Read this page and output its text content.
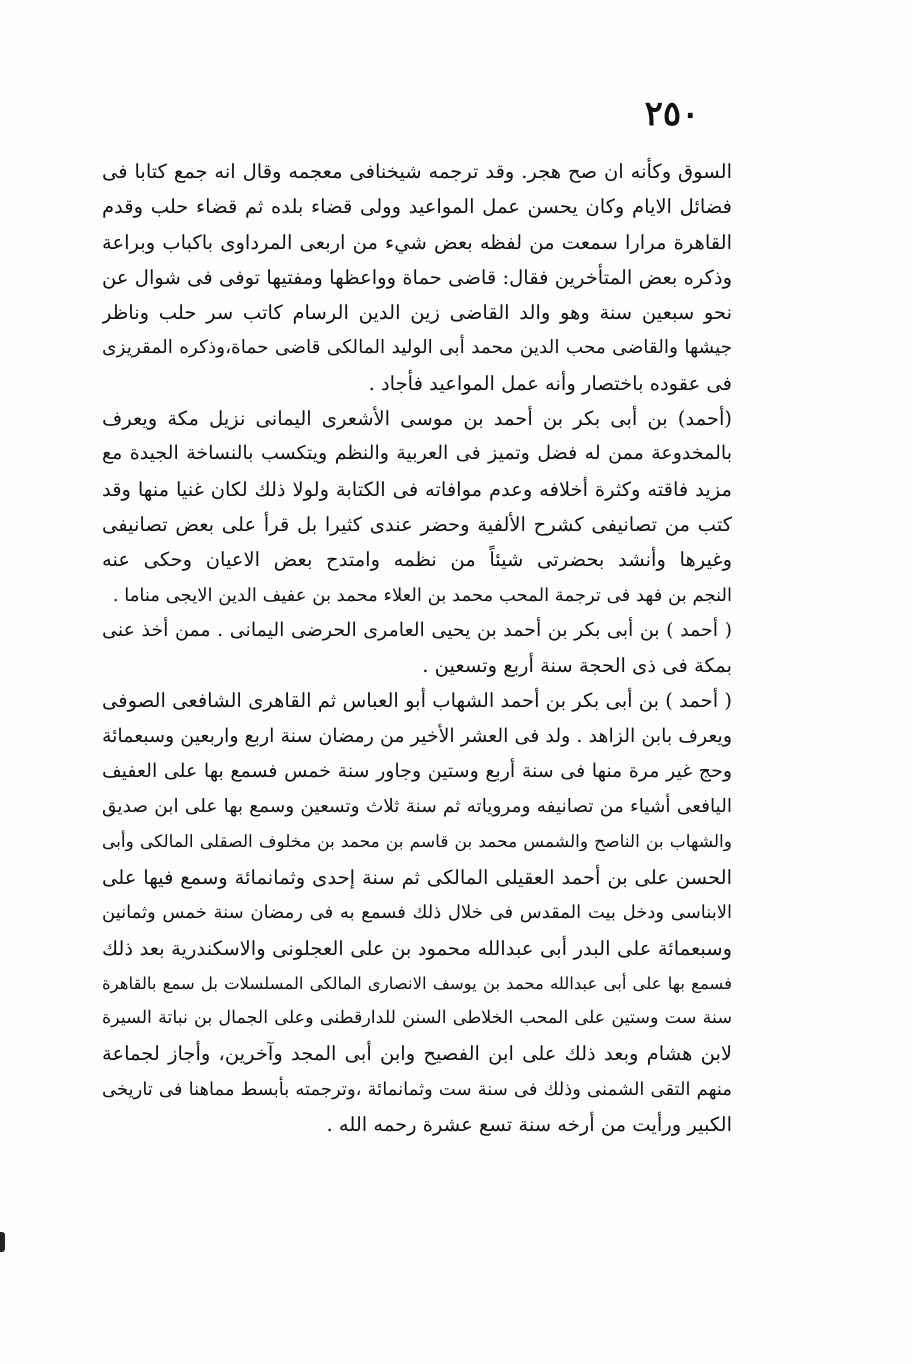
٢٥٠
السوق وكأنه ان صح هجر. وقد ترجمه شيخنافى معجمه وقال انه جمع كتابا فى
فضائل الايام وكان يحسن عمل المواعيد وولى قضاء بلده ثم قضاء حلب وقدم
القاهرة مرارا سمعت من لفظه بعض شيء من اربعى المرداوى باكباب وبراعة
وذكره بعض المتأخرين فقال: قاضى حماة وواعظها ومفتيها توفى فى شوال عن
نحو سبعين سنة وهو والد القاضى زين الدين الرسام كاتب سر حلب وناظر
جيشها والقاضى محب الدين محمد أبى الوليد المالكى قاضى حماة،وذكره المقريزى
فى عقوده باختصار وأنه عمل المواعيد فأجاد .
(أحمد) بن أبى بكر بن أحمد بن موسى الأشعرى اليمانى نزيل مكة ويعرف
بالمخدوعة ممن له فضل وتميز فى العربية والنظم ويتكسب بالنساخة الجيدة مع
مزيد فاقته وكثرة أخلافه وعدم موافاته فى الكتابة ولولا ذلك لكان غنيا منها وقد
كتب من تصانيفى كشرح الألفية وحضر عندى كثيرا بل قرأ على بعض تصانيفى
وغيرها وأنشد بحضرتى شيئاً من نظمه وامتدح بعض الاعيان وحكى عنه
النجم بن فهد فى ترجمة المحب محمد بن العلاء محمد بن عفيف الدين الايجى مناما .
( أحمد ) بن أبى بكر بن أحمد بن يحيى العامرى الحرضى اليمانى . ممن أخذ عنى
بمكة فى ذى الحجة سنة أربع وتسعين .
( أحمد ) بن أبى بكر بن أحمد الشهاب أبو العباس ثم القاهرى الشافعى الصوفى
ويعرف بابن الزاهد . ولد فى العشر الأخير من رمضان سنة اربع واربعين وسبعمائة
وحج غير مرة منها فى سنة أربع وستين وجاور سنة خمس فسمع بها على العفيف
اليافعى أشياء من تصانيفه ومروياته ثم سنة ثلاث وتسعين وسمع بها على ابن صديق
والشهاب بن الناصح والشمس محمد بن قاسم بن محمد بن مخلوف الصقلى المالكى وأبى
الحسن على بن أحمد العقيلى المالكى ثم سنة إحدى وثمانمائة وسمع فيها على
الابناسى ودخل بيت المقدس فى خلال ذلك فسمع به فى رمضان سنة خمس وثمانين
وسبعمائة على البدر أبى عبدالله محمود بن على العجلونى والاسكندرية بعد ذلك
فسمع بها على أبى عبدالله محمد بن يوسف الانصارى المالكى المسلسلات بل سمع بالقاهرة
سنة ست وستين على المحب الخلاطى السنن للدارقطنى وعلى الجمال بن نباتة السيرة
لابن هشام وبعد ذلك على ابن الفصيح وابن أبى المجد وآخرين، وأجاز لجماعة
منهم التقى الشمنى وذلك فى سنة ست وثمانمائة ،وترجمته بأبسط مماهنا فى تاريخى
الكبير ورأيت من أرخه سنة تسع عشرة رحمه الله .
